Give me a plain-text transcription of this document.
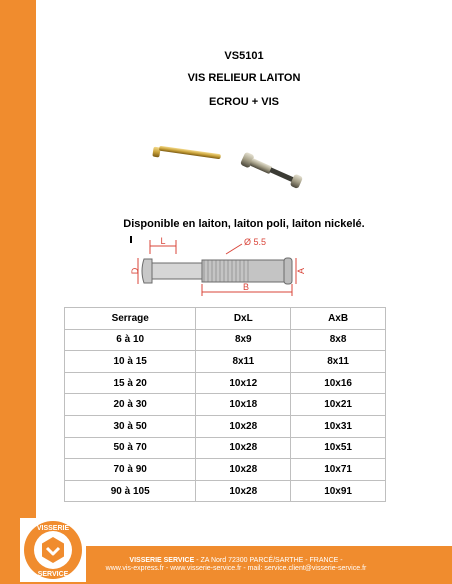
VS5101
VIS RELIEUR LAITON
ECROU + VIS
Disponible en laiton, laiton poli, laiton nickelé.
L	Ø 5.5
D	A
B
Serrage	DxL	AxB
6 à 10	8x9	8x8
10 à 15	8x11	8x11
15 à 20	10x12	10x16
20 à 30	10x18	10x21
30 à 50	10x28	10x31
50 à 70	10x28	10x51
70 à 90	10x28	10x71
90 à 105	10x28	10x91
VISSERIE SERVICE - ZA Nord 72300 PARCÉ/SARTHE - FRANCE -
www.vis-express.fr - www.visserie-service.fr - mail: service.client@visserie-service.fr
VISSERIE
SERVICE
